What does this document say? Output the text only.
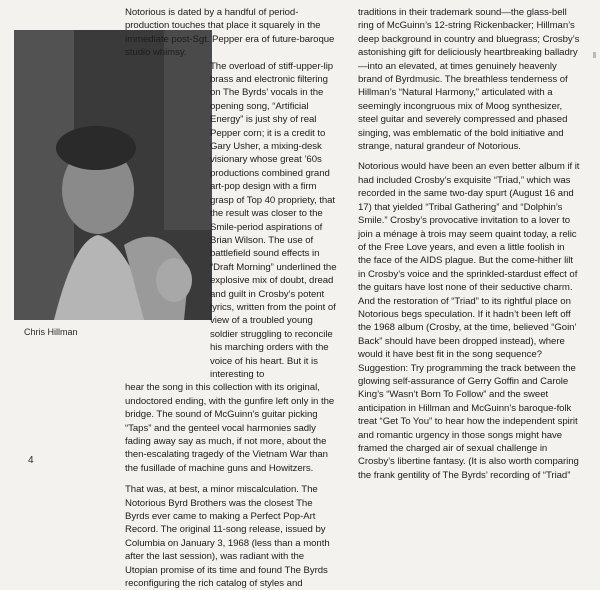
Chris Hillman
4

Notorious is dated by a handful of period-production touches that place it squarely in the immediate post-Sgt. Pepper era of future-baroque studio whimsy.

The overload of stiff-upper-lip brass and electronic filtering on The Byrds’ vocals in the opening song, “Artificial Energy” is just shy of real Pepper corn; it is a credit to Gary Usher, a mixing-desk visionary whose great ’60s productions combined grand art-pop design with a firm grasp of Top 40 propriety, that the result was closer to the Smile-period aspirations of Brian Wilson. The use of battlefield sound effects in “Draft Morning” underlined the explosive mix of doubt, dread and guilt in Crosby’s potent lyrics, written from the point of view of a troubled young soldier struggling to reconcile his marching orders with the voice of his heart. But it is interesting to

hear the song in this collection with its original, undoctored ending, with the gunfire left only in the bridge. The sound of McGuinn’s guitar picking “Taps” and the genteel vocal harmonies sadly fading away say as much, if not more, about the then-escalating tragedy of the Vietnam War than the fusillade of machine guns and Howitzers.

That was, at best, a minor miscalculation. The Notorious Byrd Brothers was the closest The Byrds ever came to making a Perfect Pop-Art Record. The original 11-song release, issued by Columbia on January 3, 1968 (less than a month after the last session), was radiant with the Utopian promise of its time and found The Byrds reconfiguring the rich catalog of styles and

traditions in their trademark sound—the glass-bell ring of McGuinn’s 12-string Rickenbacker; Hillman’s deep background in country and bluegrass; Crosby’s astonishing gift for deliciously heartbreaking balladry—into an elevated, at times genuinely heavenly brand of Byrdmusic. The breathless tenderness of Hillman’s “Natural Harmony,” articulated with a seemingly incongruous mix of Moog synthesizer, steel guitar and severely compressed and phased singing, was emblematic of the bold initiative and strange, natural grandeur of Notorious.

Notorious would have been an even better album if it had included Crosby’s exquisite “Triad,” which was recorded in the same two-day spurt (August 16 and 17) that yielded “Tribal Gathering” and “Dolphin’s Smile.” Crosby’s provocative invitation to a lover to join a ménage à trois may seem quaint today, a relic of the Free Love years, and even a little foolish in the face of the AIDS plague. But the come-hither lilt in Crosby’s voice and the sprinkled-stardust effect of the guitars have lost none of their seductive charm. And the restoration of “Triad” to its rightful place on Notorious begs speculation. If it hadn’t been left off the 1968 album (Crosby, at the time, believed “Goin’ Back” should have been dropped instead), where would it have best fit in the song sequence? Suggestion: Try programming the track between the glowing self-assurance of Gerry Goffin and Carole King’s “Wasn’t Born To Follow” and the sweet anticipation in Hillman and McGuinn’s baroque-folk treat “Get To You” to hear how the independent spirit and romantic urgency in those songs might have framed the charged air of sexual challenge in Crosby’s libertine fantasy. (It is also worth comparing the frank gentility of The Byrds’ recording of “Triad”
